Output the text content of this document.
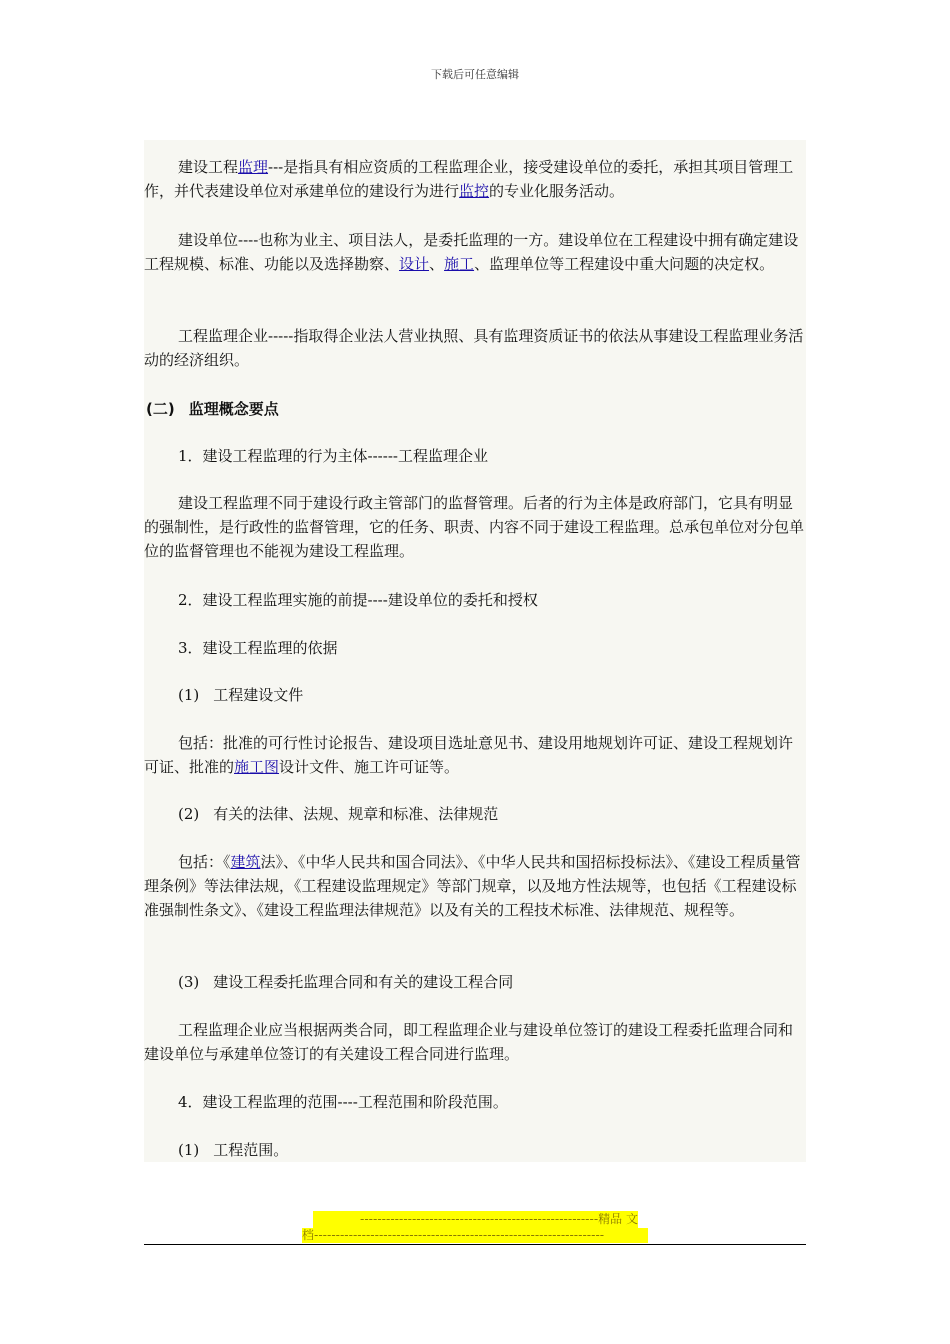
下载后可任意编辑

建设工程监理---是指具有相应资质的工程监理企业，接受建设单位的委托，承担其项目管理工作，并代表建设单位对承建单位的建设行为进行监控的专业化服务活动。

建设单位----也称为业主、项目法人，是委托监理的一方。建设单位在工程建设中拥有确定建设工程规模、标准、功能以及选择勘察、设计、施工、监理单位等工程建设中重大问题的决定权。

工程监理企业-----指取得企业法人营业执照、具有监理资质证书的依法从事建设工程监理业务活动的经济组织。

(二) 监理概念要点

1．建设工程监理的行为主体------工程监理企业

建设工程监理不同于建设行政主管部门的监督管理。后者的行为主体是政府部门，它具有明显的强制性，是行政性的监督管理，它的任务、职责、内容不同于建设工程监理。总承包单位对分包单位的监督管理也不能视为建设工程监理。

2．建设工程监理实施的前提----建设单位的委托和授权

3．建设工程监理的依据

(1) 工程建设文件

包括：批准的可行性讨论报告、建设项目选址意见书、建设用地规划许可证、建设工程规划许可证、批准的施工图设计文件、施工许可证等。

(2) 有关的法律、法规、规章和标准、法律规范

包括：《建筑法》、《中华人民共和国合同法》、《中华人民共和国招标投标法》、《建设工程质量管理条例》等法律法规，《工程建设监理规定》等部门规章，以及地方性法规等，也包括《工程建设标准强制性条文》、《建设工程监理法律规范》以及有关的工程技术标准、法律规范、规程等。

(3) 建设工程委托监理合同和有关的建设工程合同

工程监理企业应当根据两类合同，即工程监理企业与建设单位签订的建设工程委托监理合同和建设单位与承建单位签订的有关建设工程合同进行监理。

4．建设工程监理的范围----工程范围和阶段范围。

(1) 工程范围。

-------------------------------------------------------精品 文
档-------------------------------------------------------------------
